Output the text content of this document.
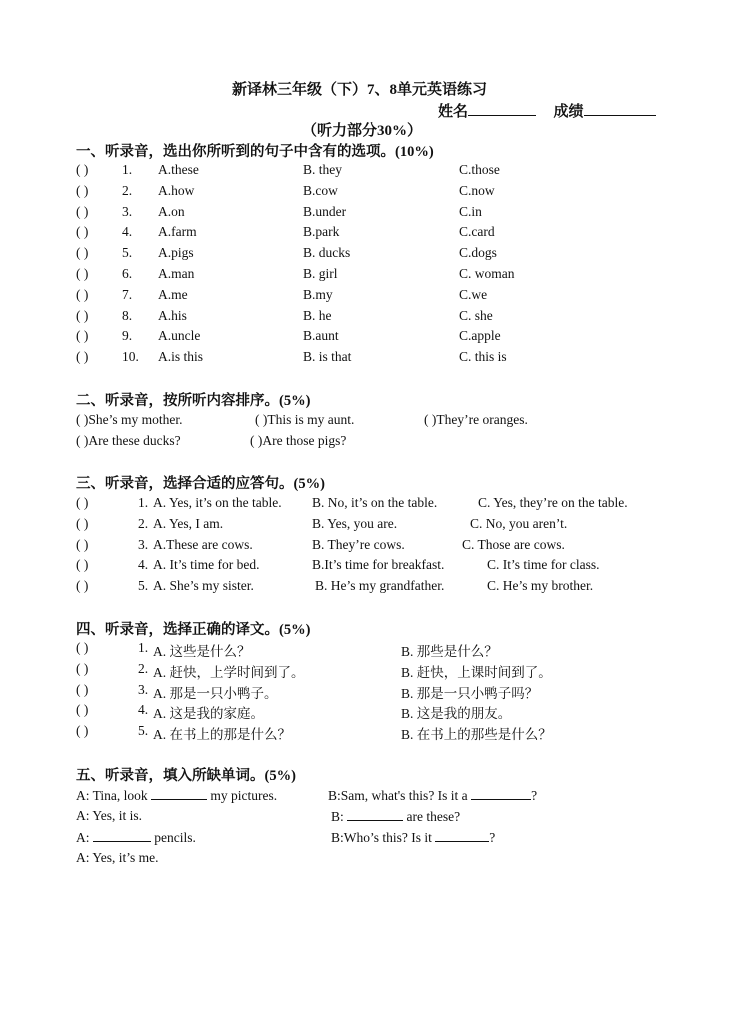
新译林三年级（下）7、8单元英语练习
姓名	成绩
（听力部分30%）
一、听录音，选出你所听到的句子中含有的选项。(10%)
( ) 1. A.these	B. they	C.those
( ) 2. A.how	B.cow	C.now
( ) 3. A.on	B.under	C.in
( ) 4. A.farm	B.park	C.card
( ) 5. A.pigs	B. ducks	C.dogs
( ) 6. A.man	B. girl	C. woman
( ) 7. A.me	B.my	C.we
( ) 8. A.his	B. he	C. she
( ) 9. A.uncle	B.aunt	C.apple
( ) 10. A.is this	B. is that	C. this is
二、听录音，按所听内容排序。(5%)
( )She’s my mother.	( )This is my aunt.	( )They’re oranges.
( )Are these ducks?	( )Are those pigs?
三、听录音，选择合适的应答句。(5%)
( )	1. A. Yes, it’s on the table. B. No, it’s on the table.	C. Yes, they’re on the table.
( )	2. A. Yes, I am.	B. Yes, you are.	C. No, you aren’t.
( )	3. A.These are cows.	B. They’re cows.	C. Those are cows.
( )	4. A. It’s time for bed.	B.It’s time for breakfast.	C. It’s time for class.
( )	5. A. She’s my sister.	B. He’s my grandfather.	C. He’s my brother.
四、听录音，选择正确的译文。(5%)
( )	1. A. 这些是什么？	B. 那些是什么？
( )	2. A. 赶快，上学时间到了。	B. 赶快，上课时间到了。
( )	3. A. 那是一只小鸭子。	B. 那是一只小鸭子吗？
( )	4. A. 这是我的家庭。	B. 这是我的朋友。
( )	5. A. 在书上的那是什么？	B. 在书上的那些是什么？
五、听录音，填入所缺单词。(5%)
A: Tina, look	my pictures.	B:Sam, what's this? Is it a	?
A: Yes, it is.	B:	are these?
A:	pencils.	B:Who’s this? Is it	?
A: Yes, it’s me.
